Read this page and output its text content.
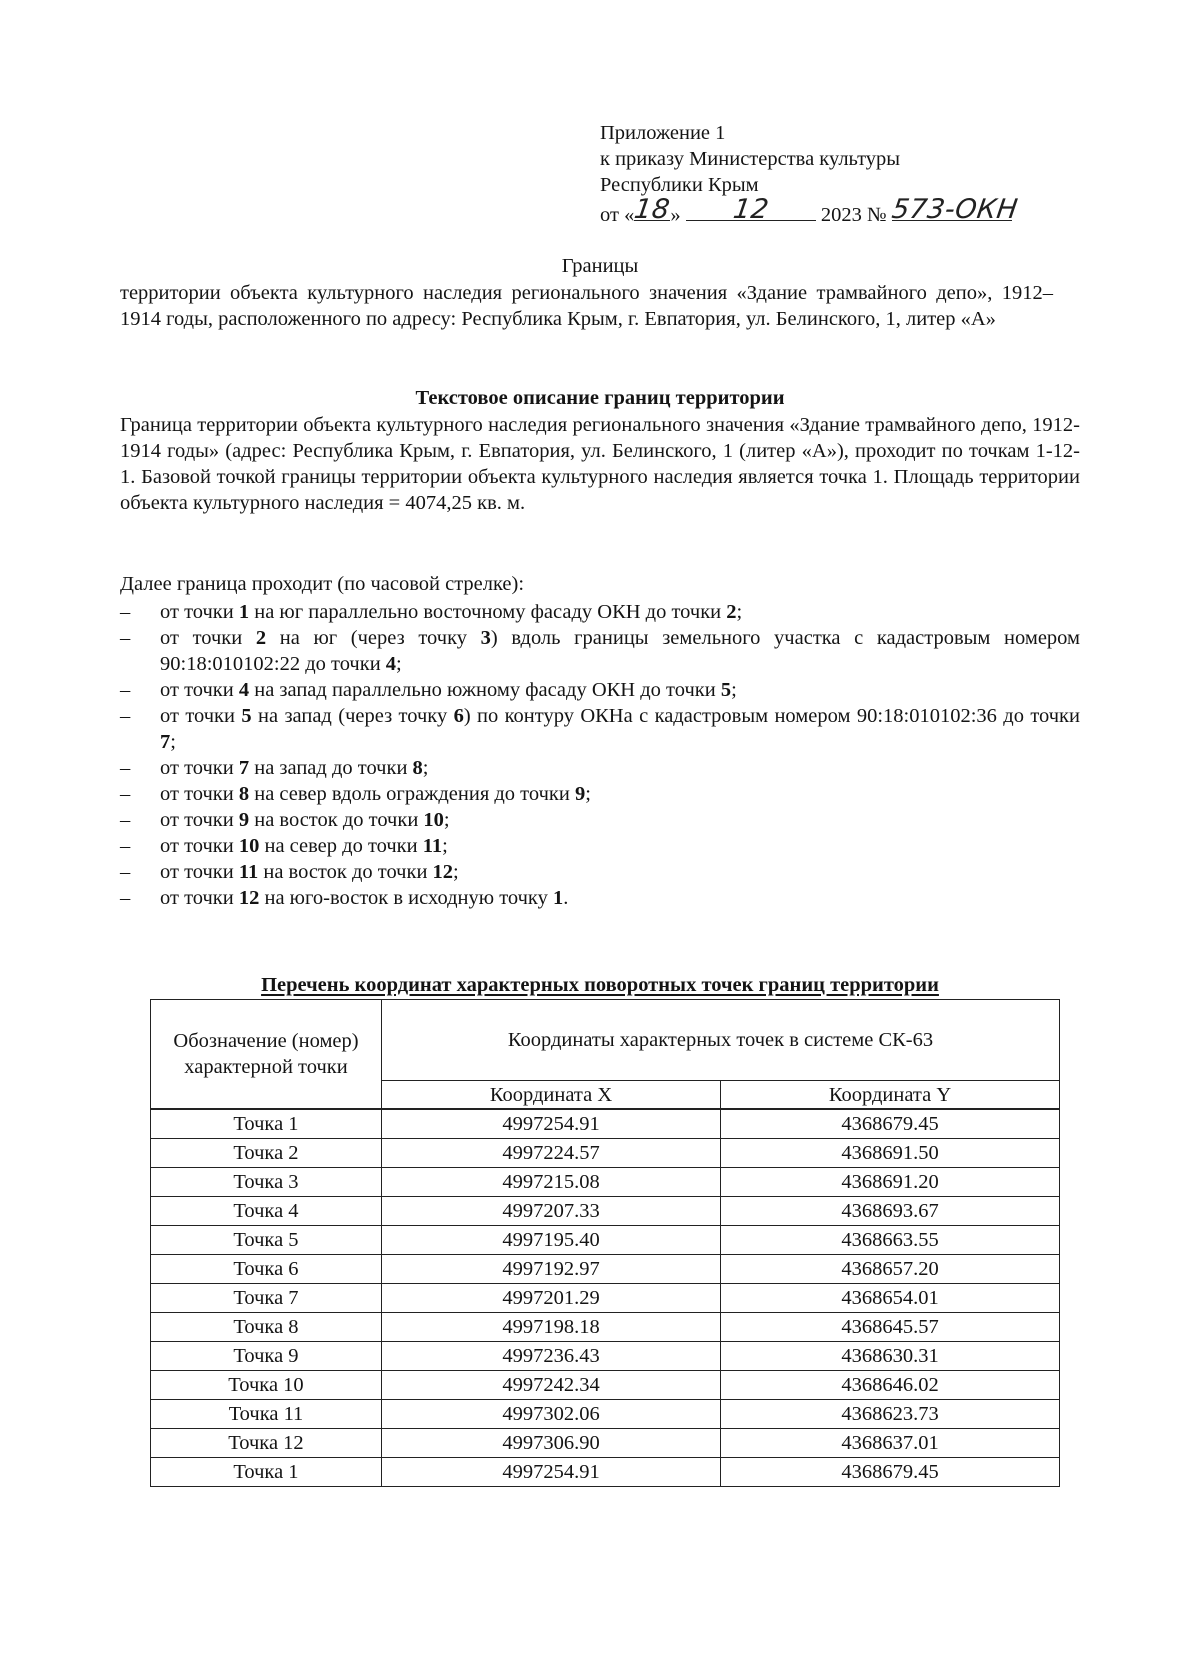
Приложение 1
к приказу Министерства культуры
Республики Крым
от «
18
»	12	2023 № 573-ОКН
Границы
территории объекта культурного наследия регионального значения «Здание трамвайного депо», 1912–1914 годы, расположенного по адресу: Республика Крым, г. Евпатория, ул. Белинского, 1, литер «А»
Текстовое описание границ территории
Граница территории объекта культурного наследия регионального значения «Здание трамвайного депо, 1912-1914 годы» (адрес: Республика Крым, г. Евпатория, ул. Белинского, 1 (литер «А»), проходит по точкам 1-12-1. Базовой точкой границы территории объекта культурного наследия является точка 1. Площадь территории объекта культурного наследия = 4074,25 кв. м.
Далее граница проходит (по часовой стрелке):
– от точки 1 на юг параллельно восточному фасаду ОКН до точки 2;
– от точки 2 на юг (через точку 3) вдоль границы земельного участка с кадастровым номером 90:18:010102:22 до точки 4;
– от точки 4 на запад параллельно южному фасаду ОКН до точки 5;
– от точки 5 на запад (через точку 6) по контуру ОКНа с кадастровым номером 90:18:010102:36 до точки 7;
– от точки 7 на запад до точки 8;
– от точки 8 на север вдоль ограждения до точки 9;
– от точки 9 на восток до точки 10;
– от точки 10 на север до точки 11;
– от точки 11 на восток до точки 12;
– от точки 12 на юго-восток в исходную точку 1.
Перечень координат характерных поворотных точек границ территории
Обозначение (номер) характерной точки	Координаты характерных точек в системе СК-63	
	Координата X	Координата Y
Точка 1	4997254.91	4368679.45
Точка 2	4997224.57	4368691.50
Точка 3	4997215.08	4368691.20
Точка 4	4997207.33	4368693.67
Точка 5	4997195.40	4368663.55
Точка 6	4997192.97	4368657.20
Точка 7	4997201.29	4368654.01
Точка 8	4997198.18	4368645.57
Точка 9	4997236.43	4368630.31
Точка 10	4997242.34	4368646.02
Точка 11	4997302.06	4368623.73
Точка 12	4997306.90	4368637.01
Точка 1	4997254.91	4368679.45
